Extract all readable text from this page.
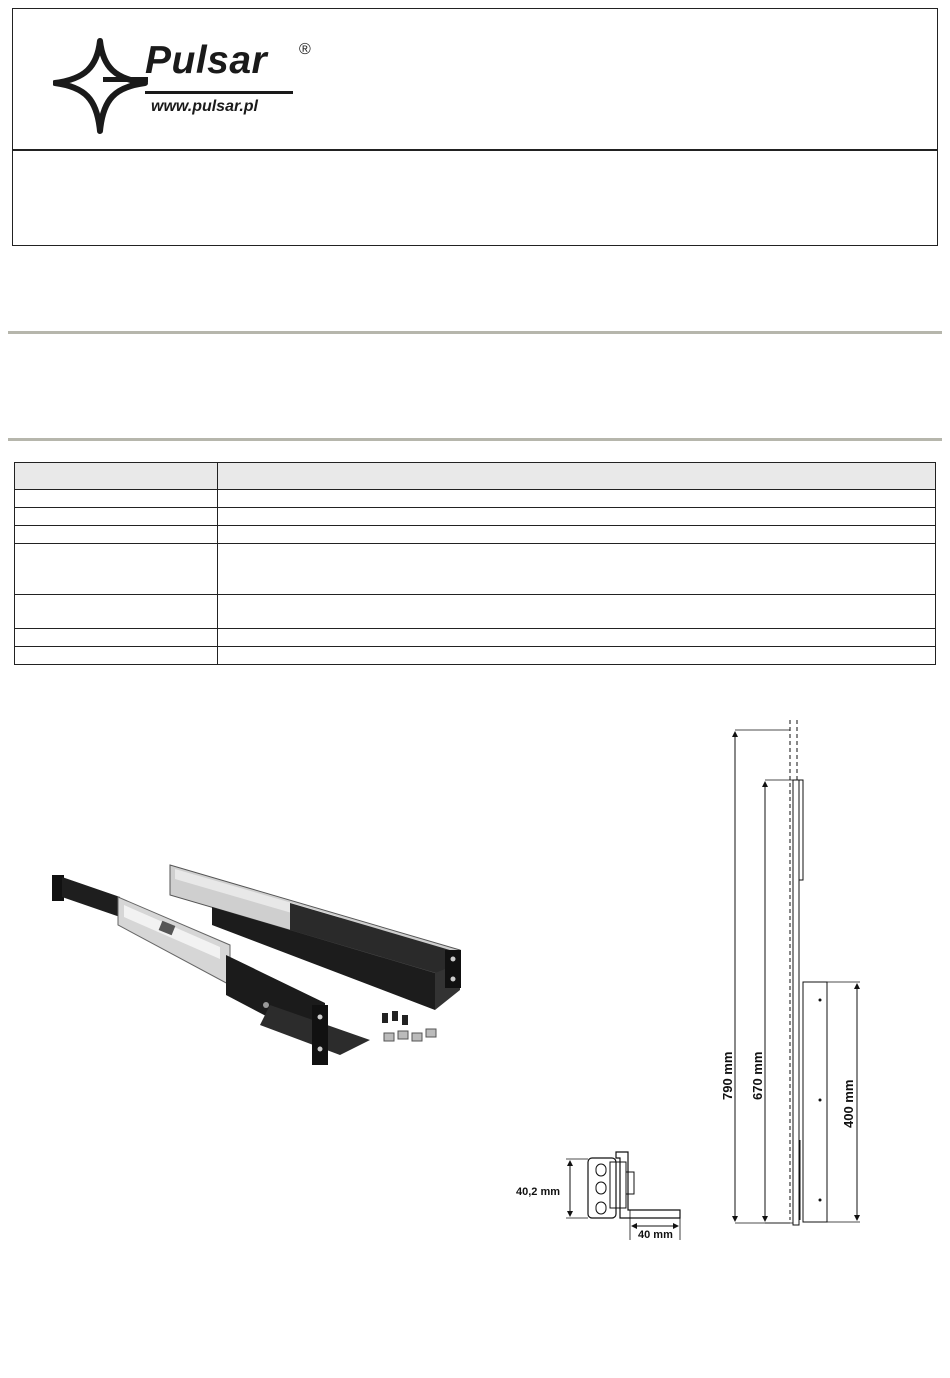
Pulsar ®
www.pulsar.pl

790 mm 670 mm
400 mm
40,2 mm
40 mm
